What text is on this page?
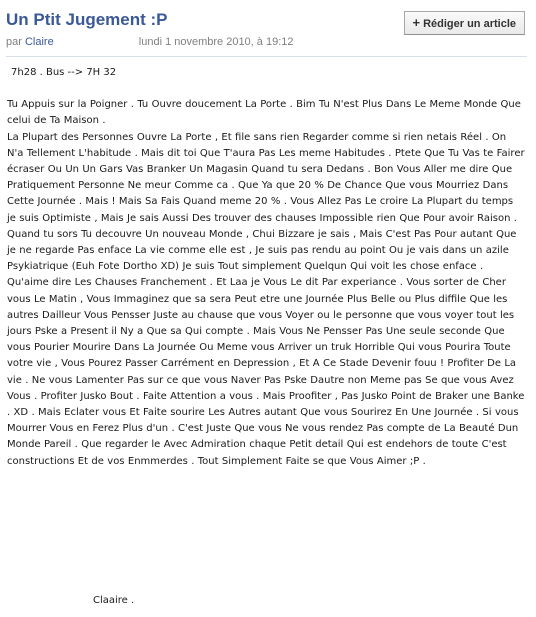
Un Ptit Jugement :P
par Claire	lundi 1 novembre 2010, à 19:12
+ Rédiger un article

7h28 . Bus --> 7H 32

Tu Appuis sur la Poigner . Tu Ouvre doucement La Porte . Bim Tu N'est Plus Dans Le Meme Monde Que celui de Ta Maison .

La Plupart des Personnes Ouvre La Porte , Et file sans rien Regarder comme si rien netais Réel . On N'a Tellement L'habitude . Mais dit toi Que T'aura Pas Les meme Habitudes . Ptete Que Tu Vas te Fairer écraser Ou Un Un Gars Vas Branker Un Magasin Quand tu sera Dedans . Bon Vous Aller me dire Que Pratiquement Personne Ne meur Comme ca . Que Ya que 20 % De Chance Que vous Mourriez Dans Cette Journée . Mais ! Mais Sa Fais Quand meme 20 % . Vous Allez Pas Le croire La Plupart du temps je suis Optimiste , Mais Je sais Aussi Des trouver des chauses Impossible rien Que Pour avoir Raison . Quand tu sors Tu decouvre Un nouveau Monde , Chui Bizzare je sais , Mais C'est Pas Pour autant Que je ne regarde Pas enface La vie comme elle est , Je suis pas rendu au point Ou je vais dans un azile Psykiatrique (Euh Fote Dortho XD) Je suis Tout simplement Quelqun Qui voit les chose enface . Qu'aime dire Les Chauses Franchement . Et Laa je Vous Le dit Par experiance . Vous sorter de Cher vous Le Matin , Vous Immaginez que sa sera Peut etre une Journée Plus Belle ou Plus diffile Que les autres Dailleur Vous Pensser Juste au chause que vous Voyer ou le personne que vous voyer tout les jours Pske a Present il Ny a Que sa Qui compte . Mais Vous Ne Pensser Pas Une seule seconde Que vous Pourier Mourire Dans La Journée Ou Meme vous Arriver un truk Horrible Qui vous Pourira Toute votre vie , Vous Pourez Passer Carrément en Depression , Et A Ce Stade Devenir fouu ! Profiter De La vie . Ne vous Lamenter Pas sur ce que vous Naver Pas Pske Dautre non Meme pas Se que vous Avez Vous . Profiter Jusko Bout . Faite Attention a vous . Mais Proofiter , Pas Jusko Point de Braker une Banke . XD . Mais Eclater vous Et Faite sourire Les Autres autant Que vous Sourirez En Une Journée . Si vous Mourrer Vous en Ferez Plus d'un . C'est Juste Que vous Ne vous rendez Pas compte de La Beauté Dun Monde Pareil . Que regarder le Avec Admiration chaque Petit detail Qui est endehors de toute C'est constructions Et de vos Enmmerdes . Tout Simplement Faite se que Vous Aimer ;P .

Claaire .
